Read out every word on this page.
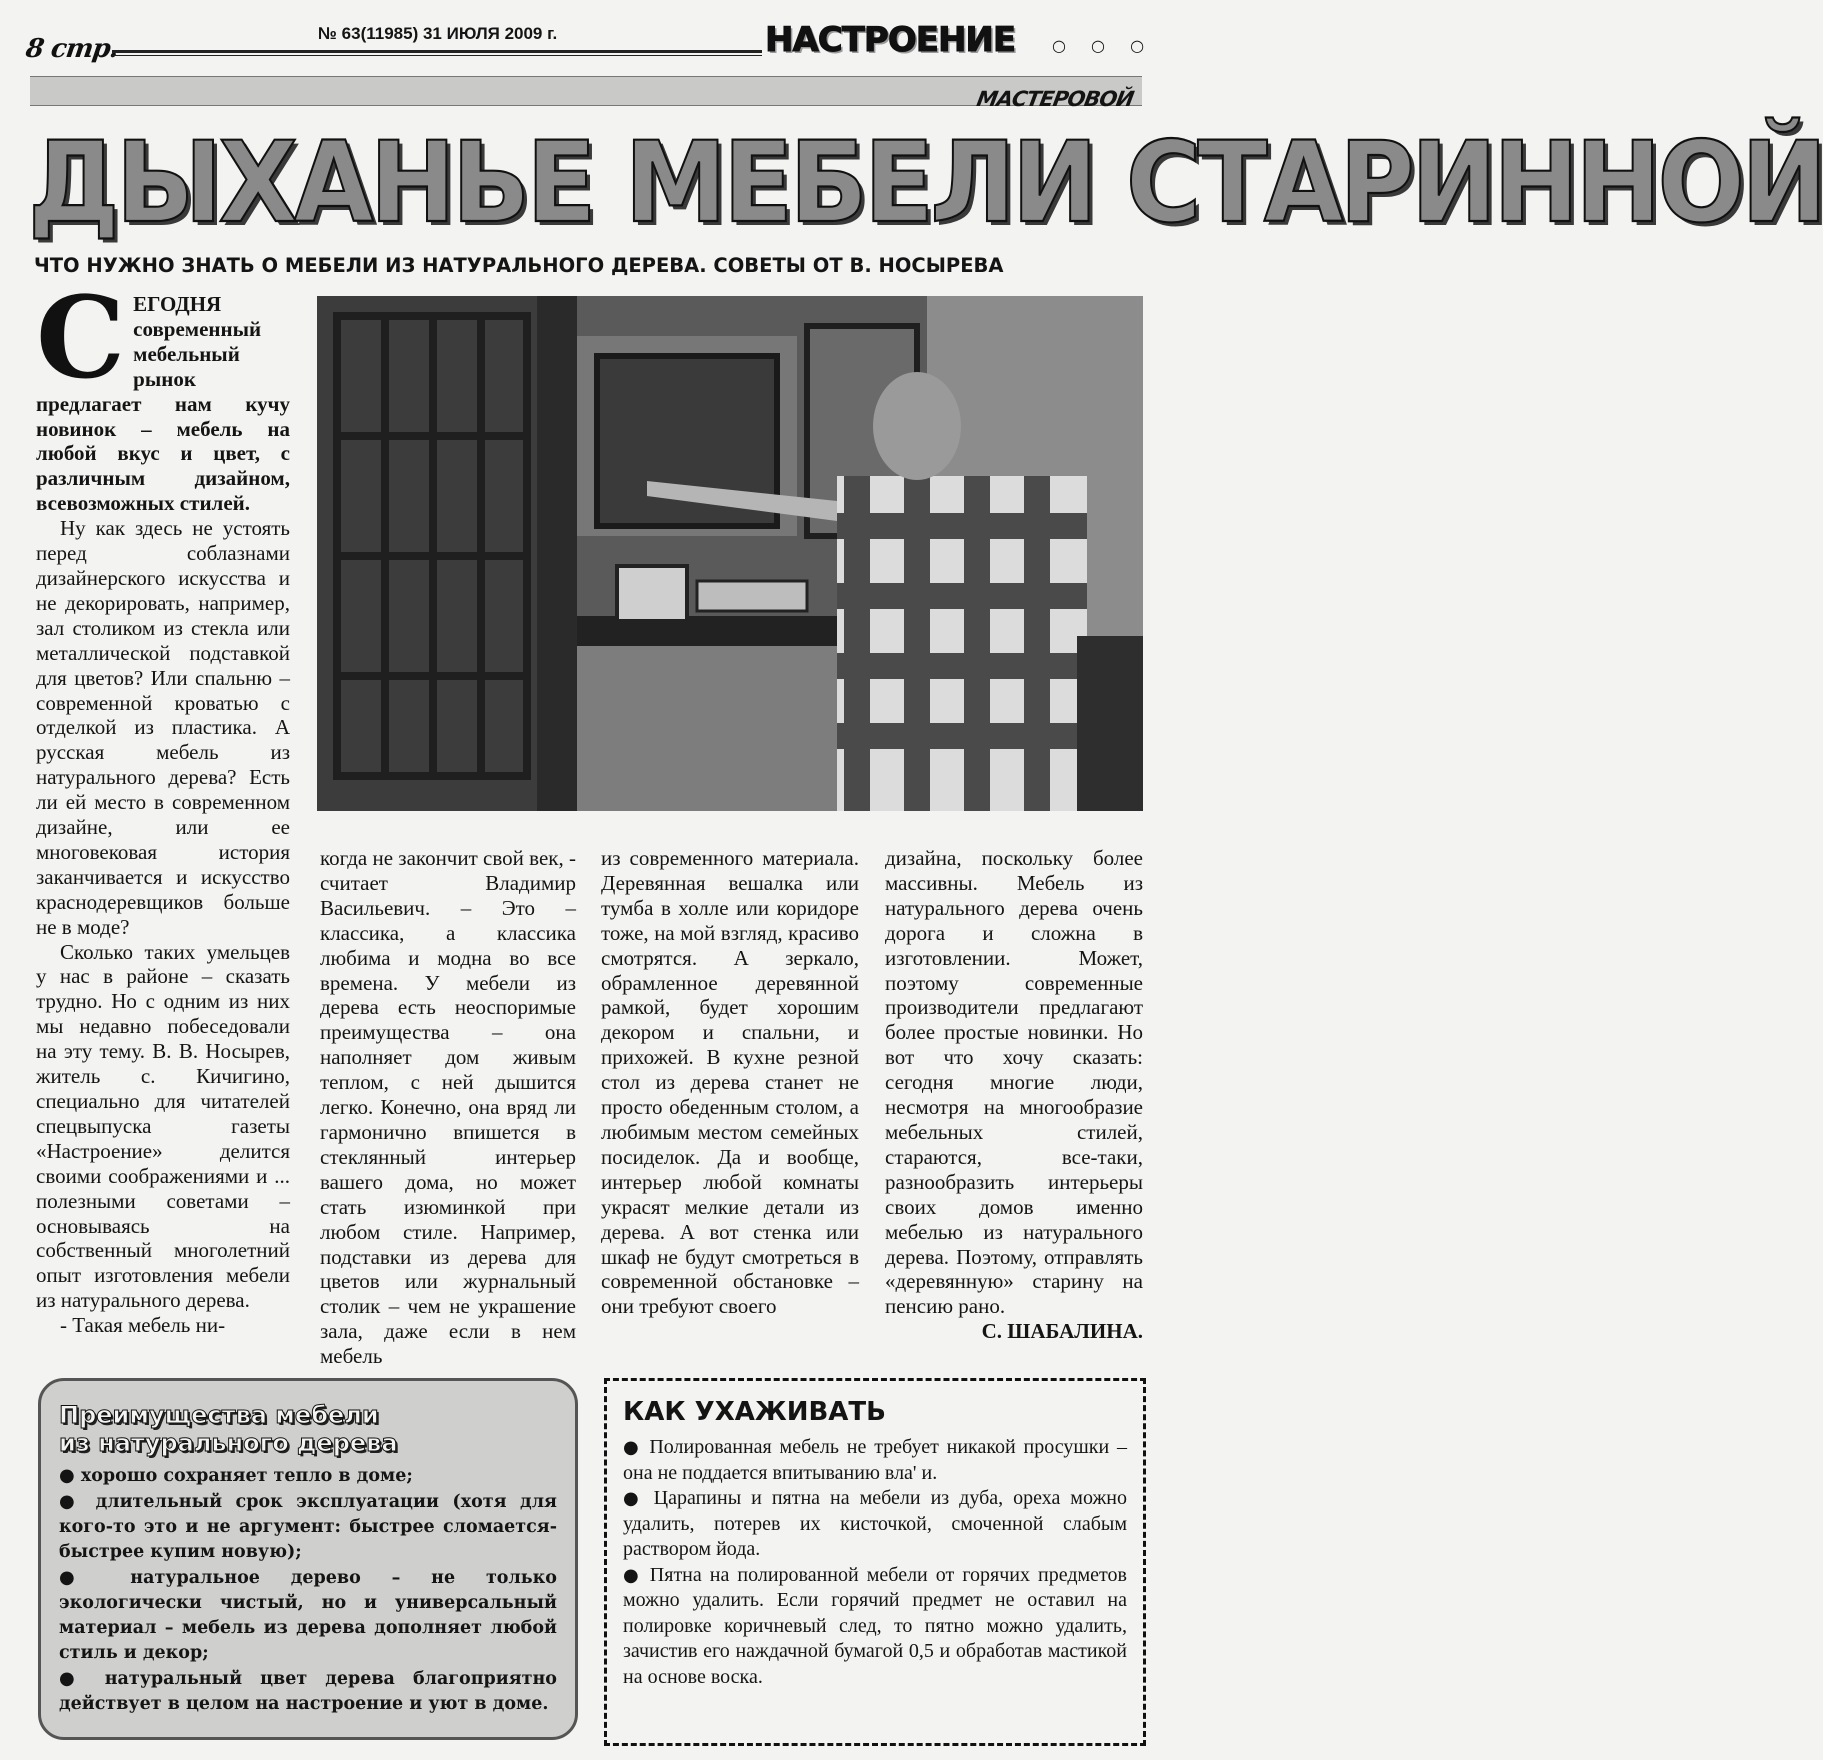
8 стр.
№ 63(11985) 31 ИЮЛЯ 2009 г.	НАСТРОЕНИЕ ○ ○ ○
МАСТЕРОВОЙ
ДЫХАНЬЕ МЕБЕЛИ СТАРИННОЙ
ЧТО НУЖНО ЗНАТЬ О МЕБЕЛИ ИЗ НАТУРАЛЬНОГО ДЕРЕВА. СОВЕТЫ ОТ В. НОСЫРЕВА

СЕГОДНЯ современный мебельный рынок предлагает нам кучу новинок – мебель на любой вкус и цвет, с различным дизайном, всевозможных стилей.

Ну как здесь не устоять перед соблазнами дизайнерского искусства и не декорировать, например, зал столиком из стекла или металлической подставкой для цветов? Или спальню – современной кроватью с отделкой из пластика. А русская мебель из натурального дерева? Есть ли ей место в современном дизайне, или ее многовековая история заканчивается и искусство краснодеревщиков больше не в моде?

Сколько таких умельцев у нас в районе – сказать трудно. Но с одним из них мы недавно побеседовали на эту тему. В. В. Носырев, житель с. Кичигино, специально для читателей спецвыпуска газеты «Настроение» делится своими соображениями и ... полезными советами – основываясь на собственный многолетний опыт изготовления мебели из натурального дерева.

- Такая мебель ни-

когда не закончит свой век, - считает Владимир Васильевич. – Это – классика, а классика любима и модна во все времена. У мебели из дерева есть неоспоримые преимущества – она наполняет дом живым теплом, с ней дышится легко. Конечно, она вряд ли гармонично впишется в стеклянный интерьер вашего дома, но может стать изюминкой при любом стиле. Например, подставки из дерева для цветов или журнальный столик – чем не украшение зала, даже если в нем мебель

из современного материала. Деревянная вешалка или тумба в холле или коридоре тоже, на мой взгляд, красиво смотрятся. А зеркало, обрамленное деревянной рамкой, будет хорошим декором и спальни, и прихожей. В кухне резной стол из дерева станет не просто обеденным столом, а любимым местом семейных посиделок. Да и вообще, интерьер любой комнаты украсят мелкие детали из дерева. А вот стенка или шкаф не будут смотреться в современной обстановке – они требуют своего

дизайна, поскольку более массивны. Мебель из натурального дерева очень дорога и сложна в изготовлении. Может, поэтому современные производители предлагают более простые новинки. Но вот что хочу сказать: сегодня многие люди, несмотря на многообразие мебельных стилей, стараются, все-таки, разнообразить интерьеры своих домов именно мебелью из натурального дерева. Поэтому, отправлять «деревянную» старину на пенсию рано.

С. ШАБАЛИНА.

Преимущества мебели
из натурального дерева
● хорошо сохраняет тепло в доме;
● длительный срок эксплуатации (хотя для кого-то это и не аргумент: быстрее сломается-быстрее купим новую);
● натуральное дерево – не только экологически чистый, но и универсальный материал – мебель из дерева дополняет любой стиль и декор;
● натуральный цвет дерева благоприятно действует в целом на настроение и уют в доме.
КАК УХАЖИВАТЬ
● Полированная мебель не требует никакой просушки – она не поддается впитыванию вла' и.
● Царапины и пятна на мебели из дуба, ореха можно удалить, потерев их кисточкой, смоченной слабым раствором йода.
● Пятна на полированной мебели от горячих предметов можно удалить. Если горячий предмет не оставил на полировке коричневый след, то пятно можно удалить, зачистив его наждачной бумагой 0,5 и обработав мастикой на основе воска.
